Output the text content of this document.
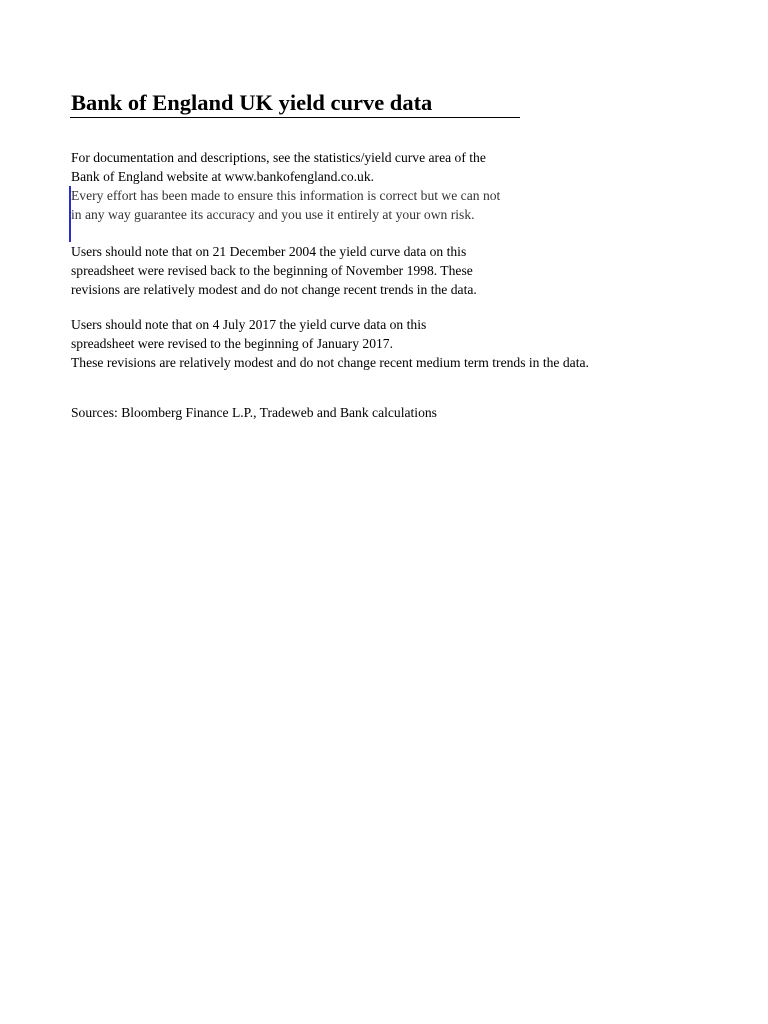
Bank of England UK yield curve data
For documentation and descriptions, see the statistics/yield curve area of the
Bank of England website at www.bankofengland.co.uk.
Every effort has been made to ensure this information is correct but we can not
in any way guarantee its accuracy and you use it entirely at your own risk.
Users should note that on 21 December 2004 the yield curve data on this
spreadsheet were revised back to the beginning of November 1998. These
revisions are relatively modest and do not change recent trends in the data.
Users should note that on 4 July 2017 the yield curve data on this
spreadsheet were revised to the beginning of January 2017.
These revisions are relatively modest and do not change recent medium term trends in the data.
Sources: Bloomberg Finance L.P., Tradeweb and Bank calculations
